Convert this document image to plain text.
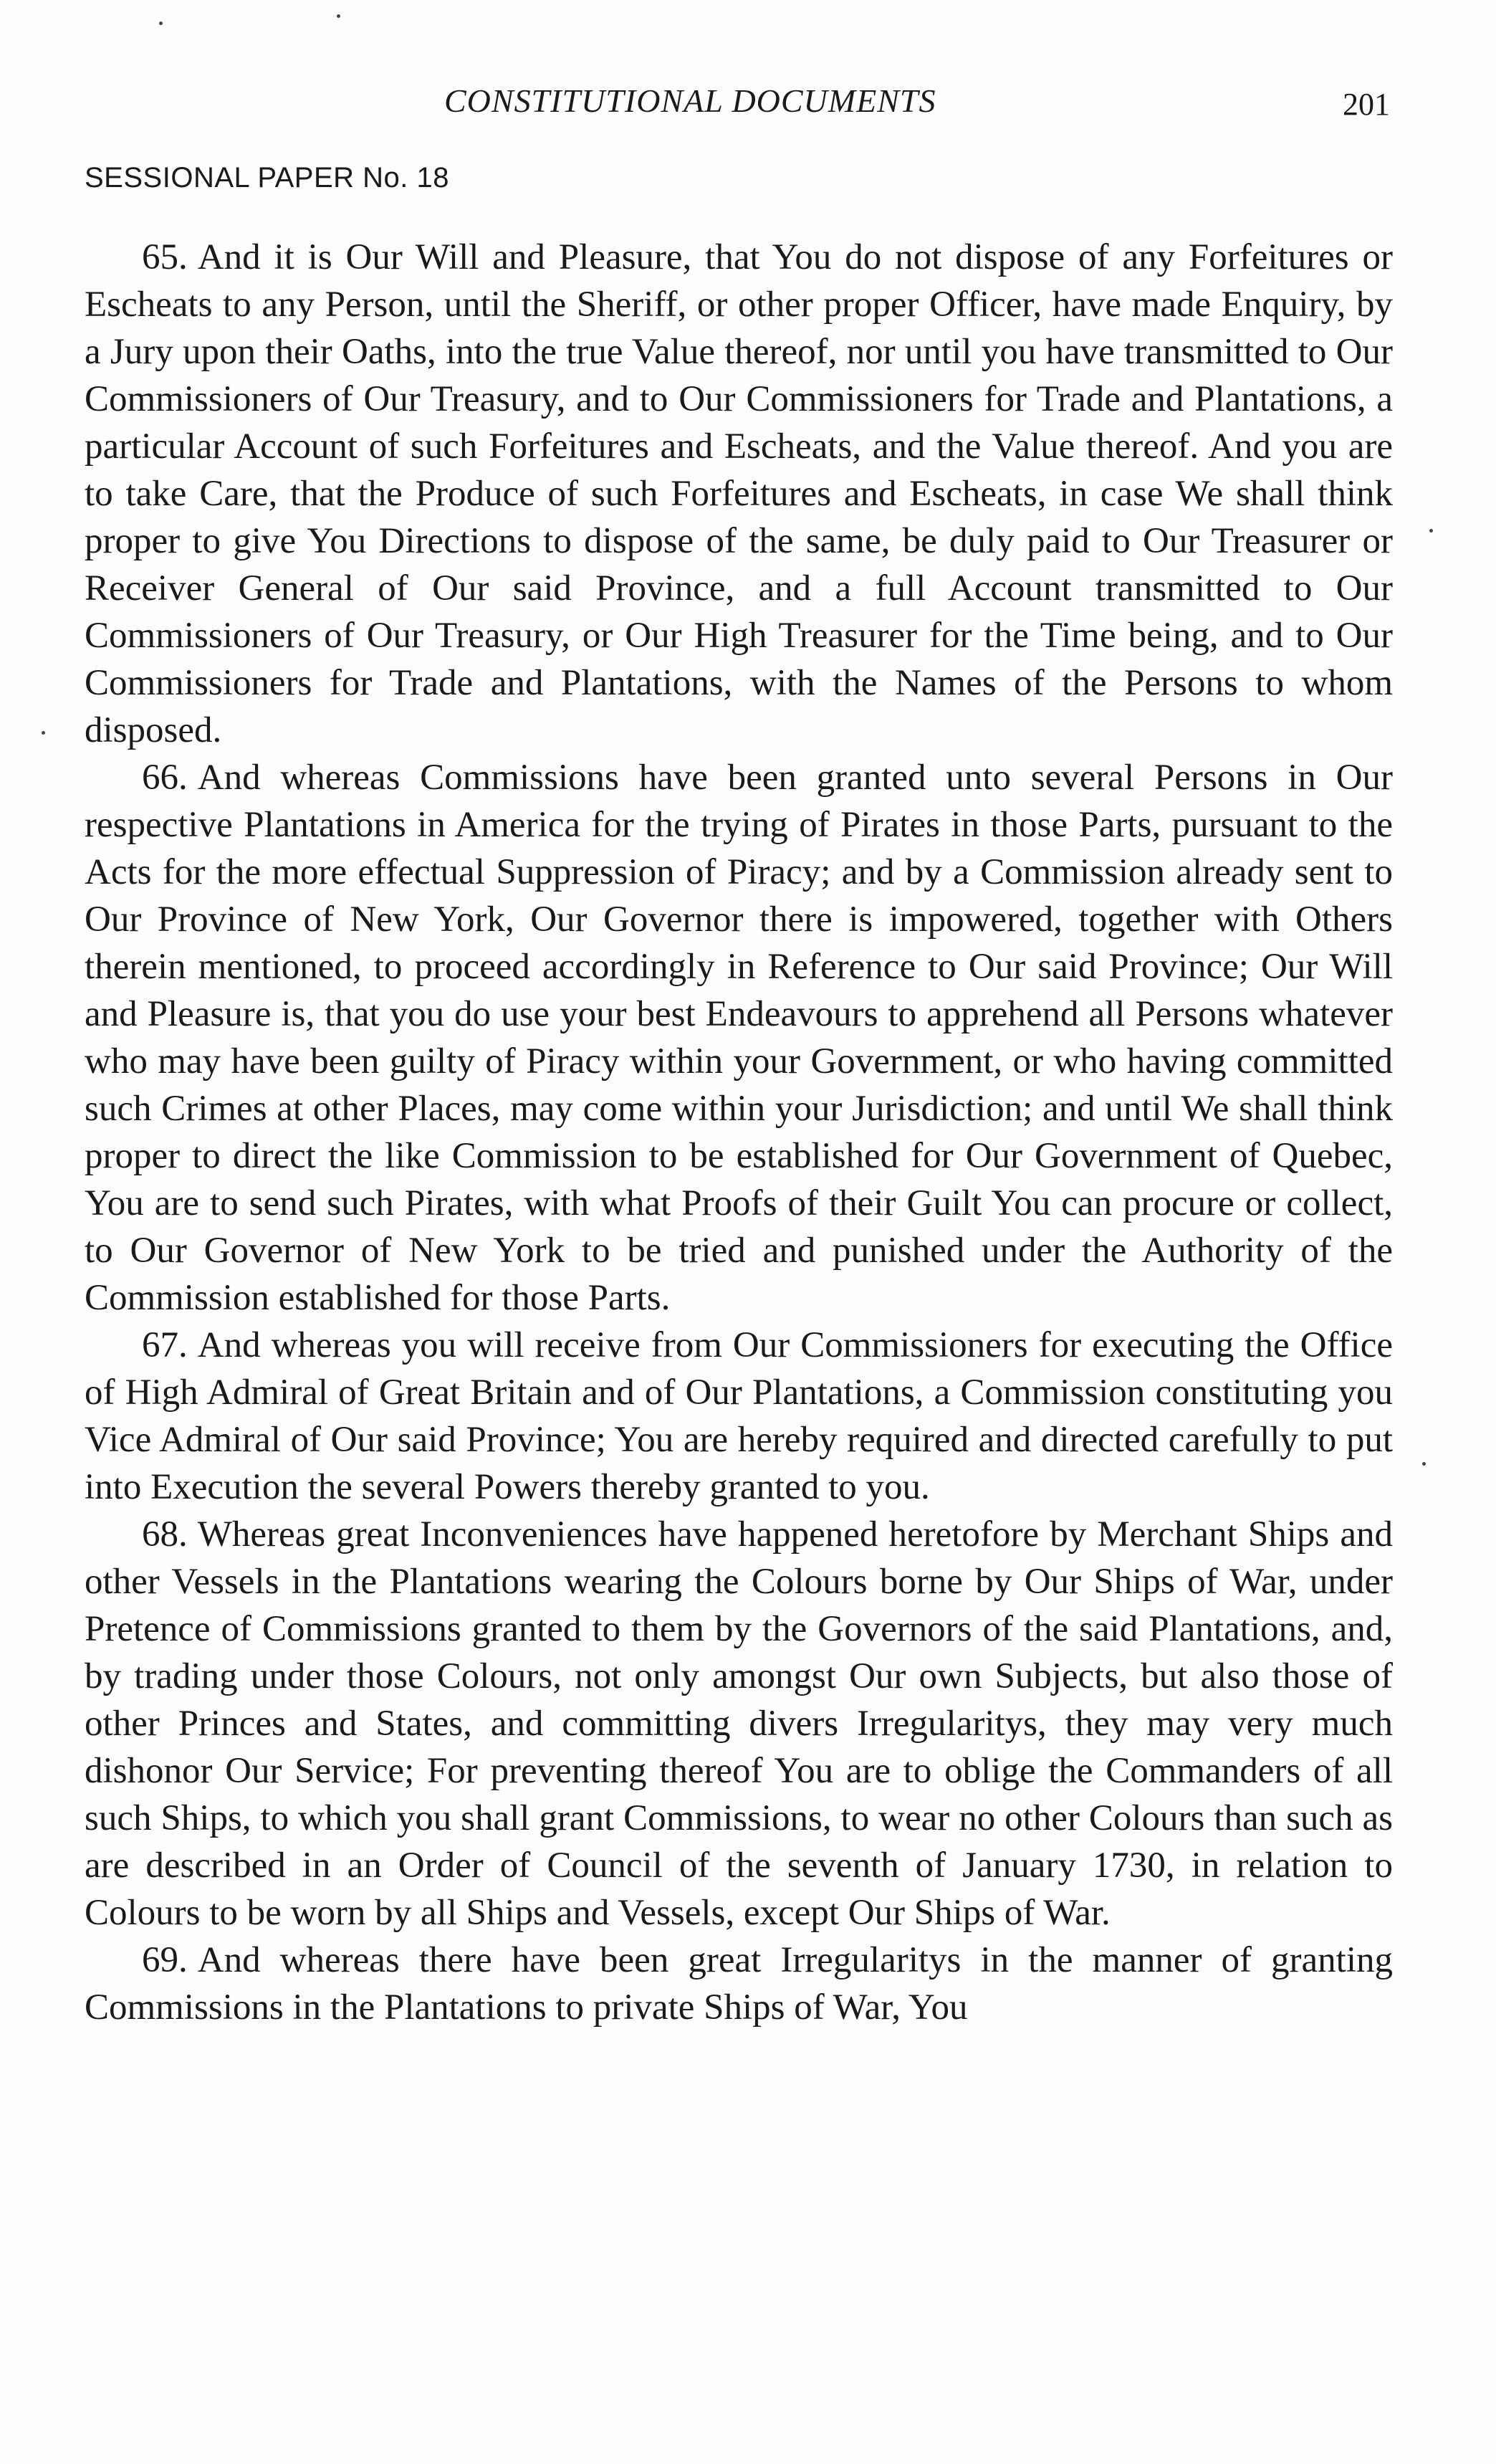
CONSTITUTIONAL DOCUMENTS	201
SESSIONAL PAPER No. 18

65. And it is Our Will and Pleasure, that You do not dispose of any Forfeitures or Escheats to any Person, until the Sheriff, or other proper Officer, have made Enquiry, by a Jury upon their Oaths, into the true Value thereof, nor until you have transmitted to Our Commissioners of Our Treasury, and to Our Commissioners for Trade and Plantations, a particular Account of such Forfeitures and Escheats, and the Value thereof. And you are to take Care, that the Produce of such Forfeitures and Escheats, in case We shall think proper to give You Directions to dispose of the same, be duly paid to Our Treasurer or Receiver General of Our said Province, and a full Account transmitted to Our Commissioners of Our Treasury, or Our High Treasurer for the Time being, and to Our Commissioners for Trade and Plantations, with the Names of the Persons to whom disposed.

66. And whereas Commissions have been granted unto several Persons in Our respective Plantations in America for the trying of Pirates in those Parts, pursuant to the Acts for the more effectual Suppression of Piracy; and by a Commission already sent to Our Province of New York, Our Governor there is impowered, together with Others therein mentioned, to proceed accordingly in Reference to Our said Province; Our Will and Pleasure is, that you do use your best Endeavours to apprehend all Persons whatever who may have been guilty of Piracy within your Government, or who having committed such Crimes at other Places, may come within your Jurisdiction; and until We shall think proper to direct the like Commission to be established for Our Government of Quebec, You are to send such Pirates, with what Proofs of their Guilt You can procure or collect, to Our Governor of New York to be tried and punished under the Authority of the Commission established for those Parts.

67. And whereas you will receive from Our Commissioners for executing the Office of High Admiral of Great Britain and of Our Plantations, a Commission constituting you Vice Admiral of Our said Province; You are hereby required and directed carefully to put into Execution the several Powers thereby granted to you.

68. Whereas great Inconveniences have happened heretofore by Merchant Ships and other Vessels in the Plantations wearing the Colours borne by Our Ships of War, under Pretence of Commissions granted to them by the Governors of the said Plantations, and, by trading under those Colours, not only amongst Our own Subjects, but also those of other Princes and States, and committing divers Irregularitys, they may very much dishonor Our Service; For preventing thereof You are to oblige the Commanders of all such Ships, to which you shall grant Commissions, to wear no other Colours than such as are described in an Order of Council of the seventh of January 1730, in relation to Colours to be worn by all Ships and Vessels, except Our Ships of War.

69. And whereas there have been great Irregularitys in the manner of granting Commissions in the Plantations to private Ships of War, You
